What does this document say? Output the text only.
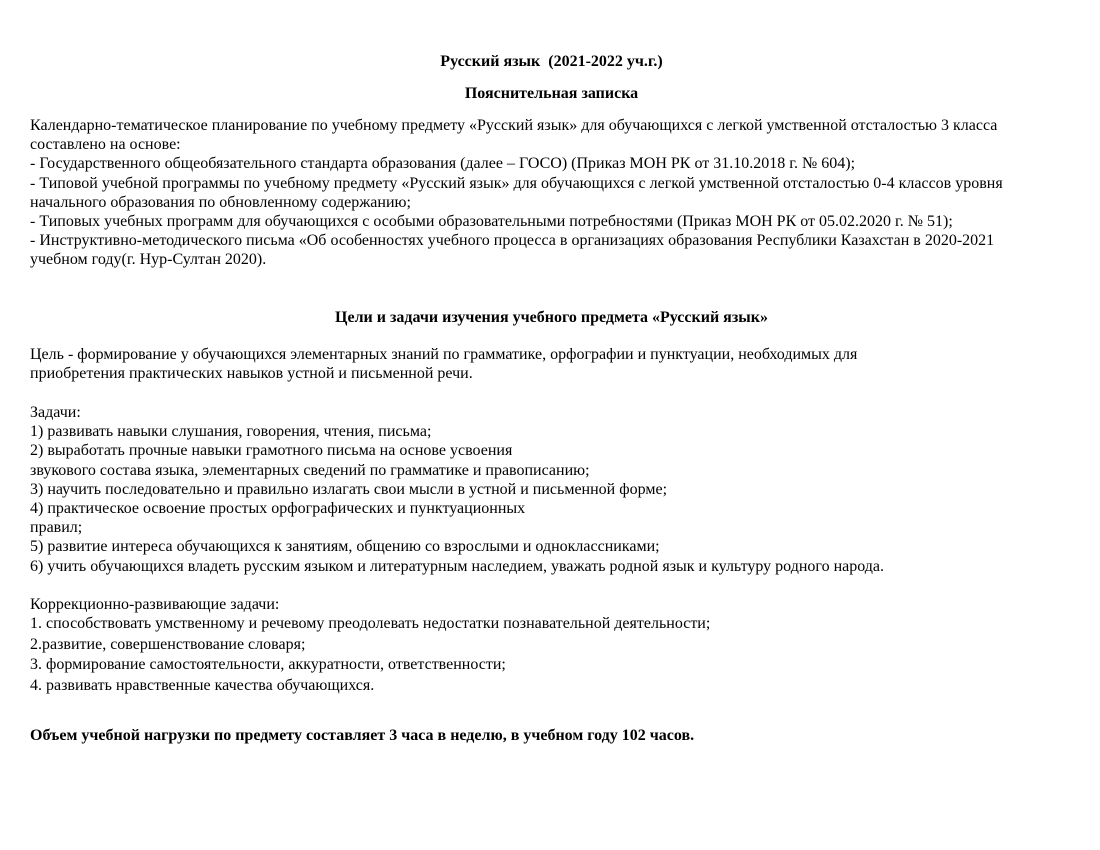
Русский язык  (2021-2022 уч.г.)
Пояснительная записка
Календарно-тематическое планирование по учебному предмету «Русский язык» для обучающихся с легкой умственной отсталостью 3 класса
составлено на основе:
- Государственного общеобязательного стандарта образования (далее – ГОСО) (Приказ МОН РК от 31.10.2018 г. № 604);
- Типовой учебной программы по учебному предмету «Русский язык» для обучающихся с легкой умственной отсталостью 0-4 классов уровня
начального образования по обновленному содержанию;
- Типовых учебных программ для обучающихся с особыми образовательными потребностями (Приказ МОН РК от 05.02.2020 г. № 51);
- Инструктивно-методического письма «Об особенностях учебного процесса в организациях образования Республики Казахстан в 2020-2021
учебном году(г. Нур-Султан 2020).
Цели и задачи изучения учебного предмета «Русский язык»
Цель - формирование у обучающихся элементарных знаний по грамматике, орфографии и пунктуации, необходимых для
приобретения практических навыков устной и письменной речи.
Задачи:
1) развивать навыки слушания, говорения, чтения, письма;
2) выработать прочные навыки грамотного письма на основе усвоения
звукового состава языка, элементарных сведений по грамматике и правописанию;
3) научить последовательно и правильно излагать свои мысли в устной и письменной форме;
4) практическое освоение простых орфографических и пунктуационных
правил;
5) развитие интереса обучающихся к занятиям, общению со взрослыми и одноклассниками;
6) учить обучающихся владеть русским языком и литературным наследием, уважать родной язык и культуру родного народа.
Коррекционно-развивающие задачи:
1. способствовать умственному и речевому преодолевать недостатки познавательной деятельности;
2.развитие, совершенствование словаря;
3. формирование самостоятельности, аккуратности, ответственности;
4. развивать нравственные качества обучающихся.
Объем учебной нагрузки по предмету составляет 3 часа в неделю, в учебном году 102 часов.
